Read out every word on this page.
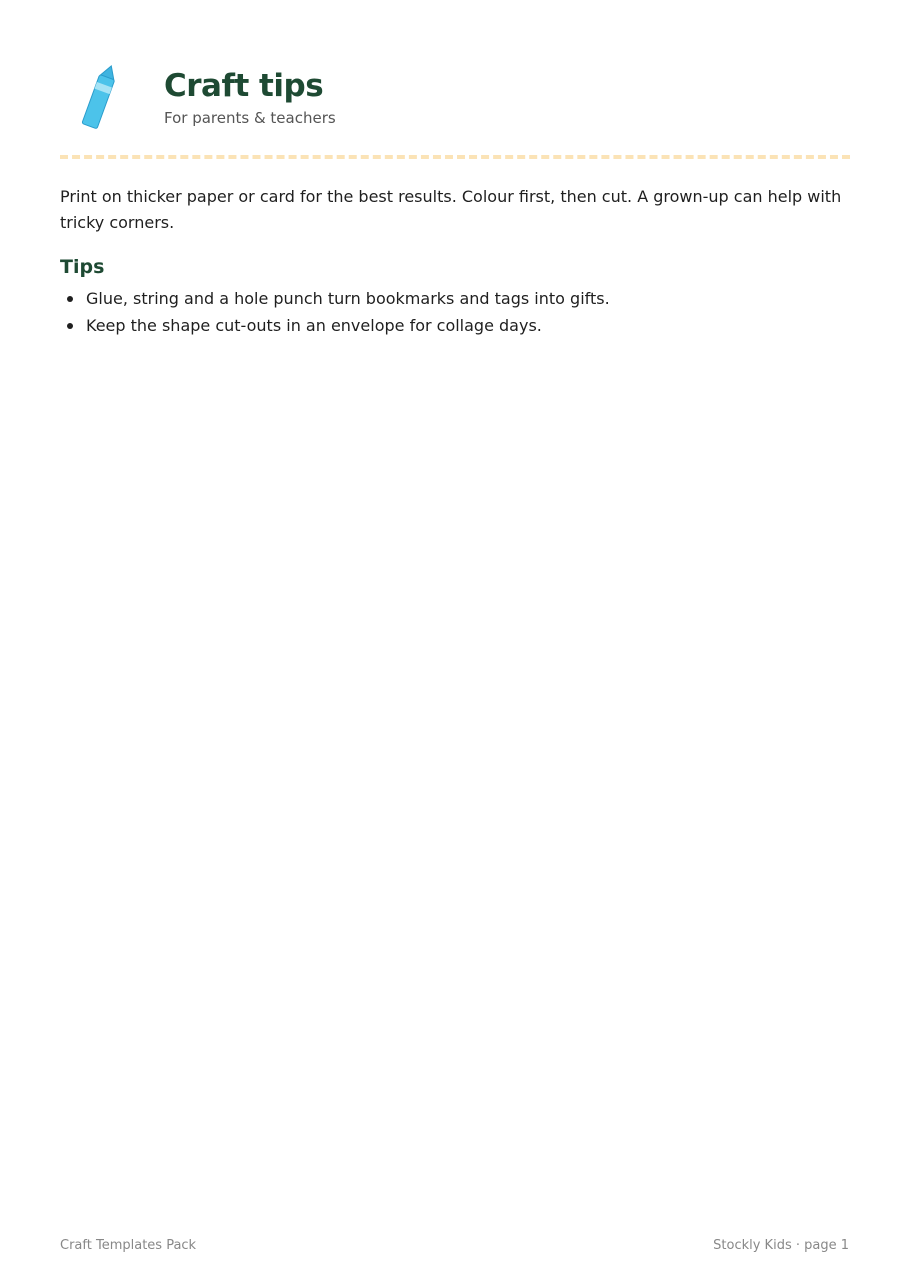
Craft tips
For parents & teachers

Print on thicker paper or card for the best results. Colour first, then cut. A grown-up can help with tricky corners.

Tips
Glue, string and a hole punch turn bookmarks and tags into gifts.
Keep the shape cut-outs in an envelope for collage days.
Craft Templates Pack	Stockly Kids · page 1
